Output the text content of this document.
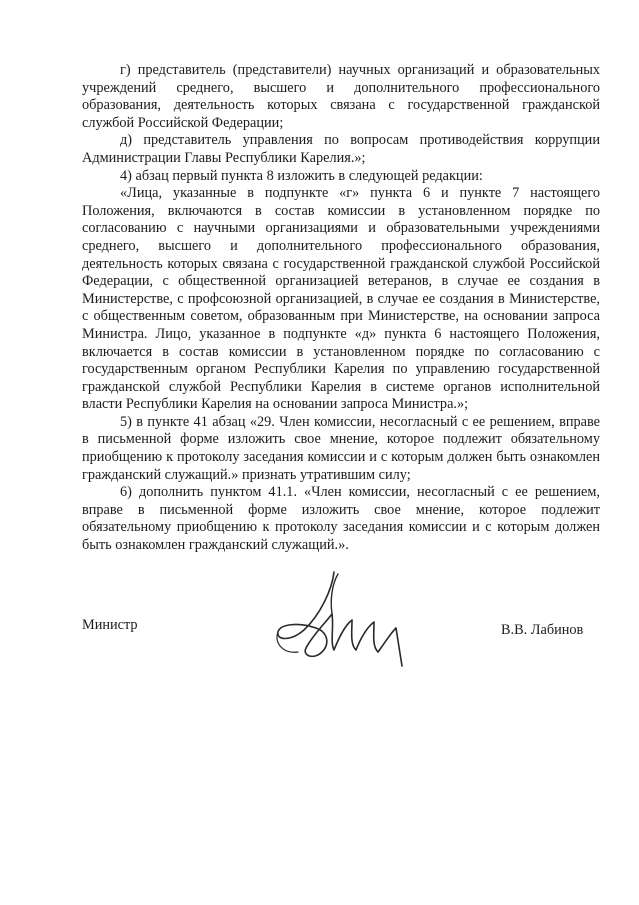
г) представитель (представители) научных организаций и образовательных учреждений среднего, высшего и дополнительного профессионального образования, деятельность которых связана с государственной гражданской службой Российской Федерации;

д) представитель управления по вопросам противодействия коррупции Администрации Главы Республики Карелия.»;

4) абзац первый пункта 8 изложить в следующей редакции:

«Лица, указанные в подпункте «г» пункта 6 и пункте 7 настоящего Положения, включаются в состав комиссии в установленном порядке по согласованию с научными организациями и образовательными учреждениями среднего, высшего и дополнительного профессионального образования, деятельность которых связана с государственной гражданской службой Российской Федерации, с общественной организацией ветеранов, в случае ее создания в Министерстве, с профсоюзной организацией, в случае ее создания в Министерстве, с общественным советом, образованным при Министерстве, на основании запроса Министра. Лицо, указанное в подпункте «д» пункта 6 настоящего Положения, включается в состав комиссии в установленном порядке по согласованию с государственным органом Республики Карелия по управлению государственной гражданской службой Республики Карелия в системе органов исполнительной власти Республики Карелия на основании запроса Министра.»;

5) в пункте 41 абзац «29. Член комиссии, несогласный с ее решением, вправе в письменной форме изложить свое мнение, которое подлежит обязательному приобщению к протоколу заседания комиссии и с которым должен быть ознакомлен гражданский служащий.» признать утратившим силу;

6) дополнить пунктом 41.1. «Член комиссии, несогласный с ее решением, вправе в письменной форме изложить свое мнение, которое подлежит обязательному приобщению к протоколу заседания комиссии и с которым должен быть ознакомлен гражданский служащий.».

Министр	В.В. Лабинов
